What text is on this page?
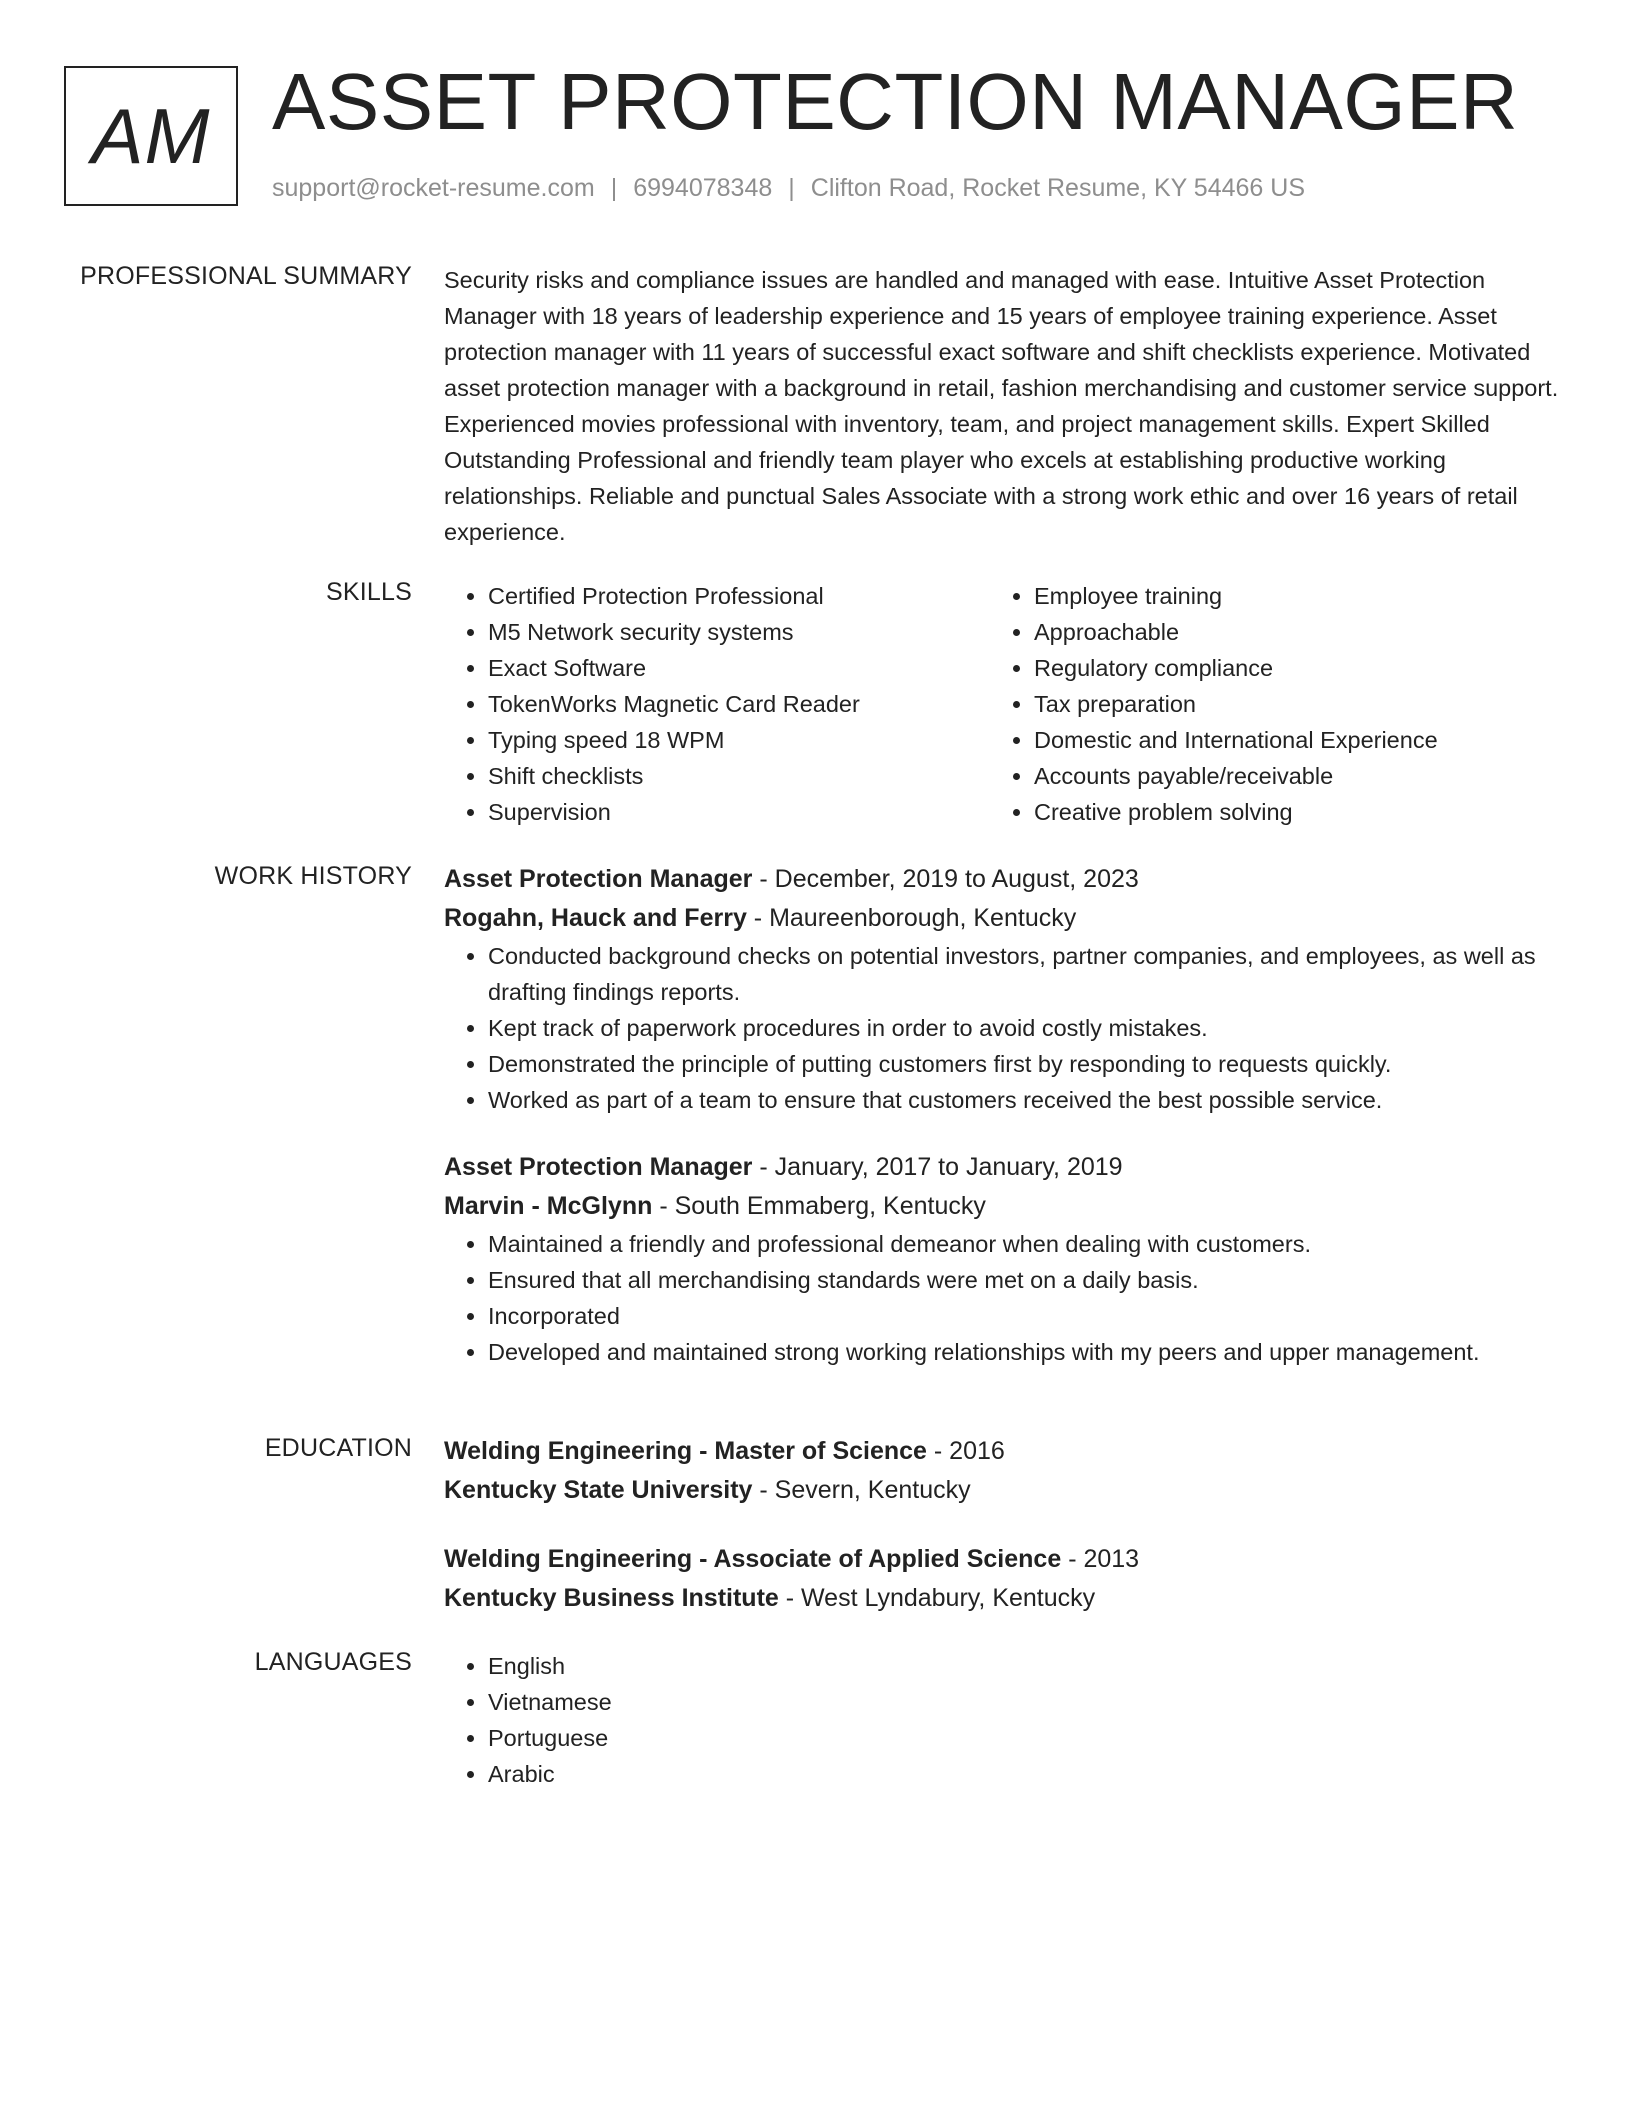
AM ASSET PROTECTION MANAGER
support@rocket-resume.com | 6994078348 | Clifton Road, Rocket Resume, KY 54466 US
PROFESSIONAL SUMMARY Security risks and compliance issues are handled and managed with ease. Intuitive Asset Protection Manager with 18 years of leadership experience and 15 years of employee training experience. Asset protection manager with 11 years of successful exact software and shift checklists experience. Motivated asset protection manager with a background in retail, fashion merchandising and customer service support. Experienced movies professional with inventory, team, and project management skills. Expert Skilled Outstanding Professional and friendly team player who excels at establishing productive working relationships. Reliable and punctual Sales Associate with a strong work ethic and over 16 years of retail experience.

SKILLS	• Certified Protection Professional
• M5 Network security systems
• Exact Software
• TokenWorks Magnetic Card Reader
• Typing speed 18 WPM
• Shift checklists
• Supervision
• Employee training
• Approachable
• Regulatory compliance
• Tax preparation
• Domestic and International Experience
• Accounts payable/receivable
• Creative problem solving
WORK HISTORY Asset Protection Manager - December, 2019 to August, 2023
Rogahn, Hauck and Ferry - Maureenborough, Kentucky
• Conducted background checks on potential investors, partner companies, and employees, as well as drafting findings reports.
• Kept track of paperwork procedures in order to avoid costly mistakes.
• Demonstrated the principle of putting customers first by responding to requests quickly.
• Worked as part of a team to ensure that customers received the best possible service.
Asset Protection Manager - January, 2017 to January, 2019
Marvin - McGlynn - South Emmaberg, Kentucky
• Maintained a friendly and professional demeanor when dealing with customers.
• Ensured that all merchandising standards were met on a daily basis.
• Incorporated
• Developed and maintained strong working relationships with my peers and upper management.
EDUCATION Welding Engineering - Master of Science - 2016
Kentucky State University - Severn, Kentucky
Welding Engineering - Associate of Applied Science - 2013
Kentucky Business Institute - West Lyndabury, Kentucky
LANGUAGES	• English
• Vietnamese
• Portuguese
• Arabic
